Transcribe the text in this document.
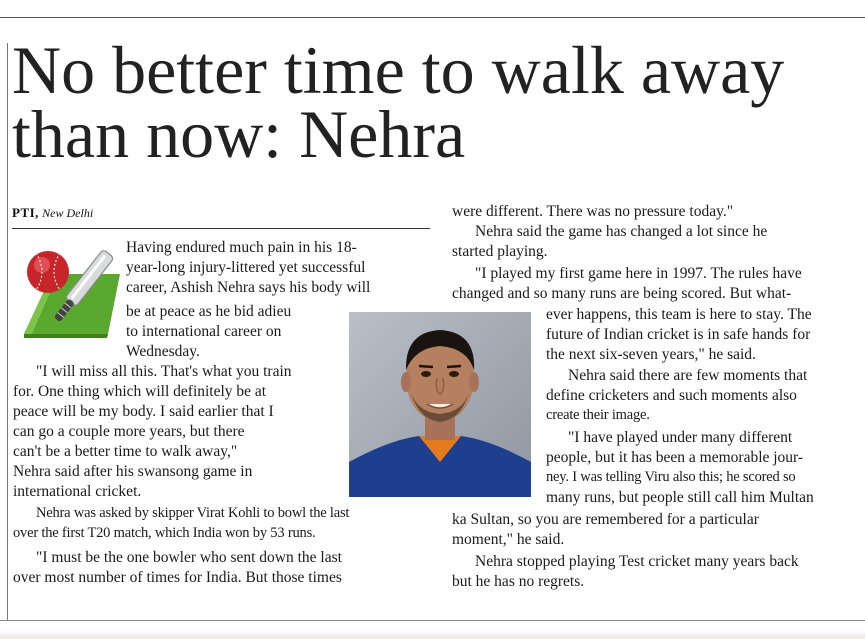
No better time to walk away than now: Nehra
PTI, New Delhi

Having endured much pain in his 18-

year-long injury-littered yet successful

career, Ashish Nehra says his body will

be at peace as he bid adieu

to international career on

Wednesday.

"I will miss all this. That's what you train

for. One thing which will definitely be at

peace will be my body. I said earlier that I

can go a couple more years, but there

can't be a better time to walk away,"

Nehra said after his swansong game in

international cricket.

Nehra was asked by skipper Virat Kohli to bowl the last

over the first T20 match, which India won by 53 runs.

"I must be the one bowler who sent down the last

over most number of times for India. But those times

were different. There was no pressure today."

Nehra said the game has changed a lot since he

started playing.

"I played my first game here in 1997. The rules have

changed and so many runs are being scored. But what-

ever happens, this team is here to stay. The

future of Indian cricket is in safe hands for

the next six-seven years," he said.

Nehra said there are few moments that

define cricketers and such moments also

create their image.

"I have played under many different

people, but it has been a memorable jour-

ney. I was telling Viru also this; he scored so

many runs, but people still call him Multan

ka Sultan, so you are remembered for a particular

moment," he said.

Nehra stopped playing Test cricket many years back

but he has no regrets.
